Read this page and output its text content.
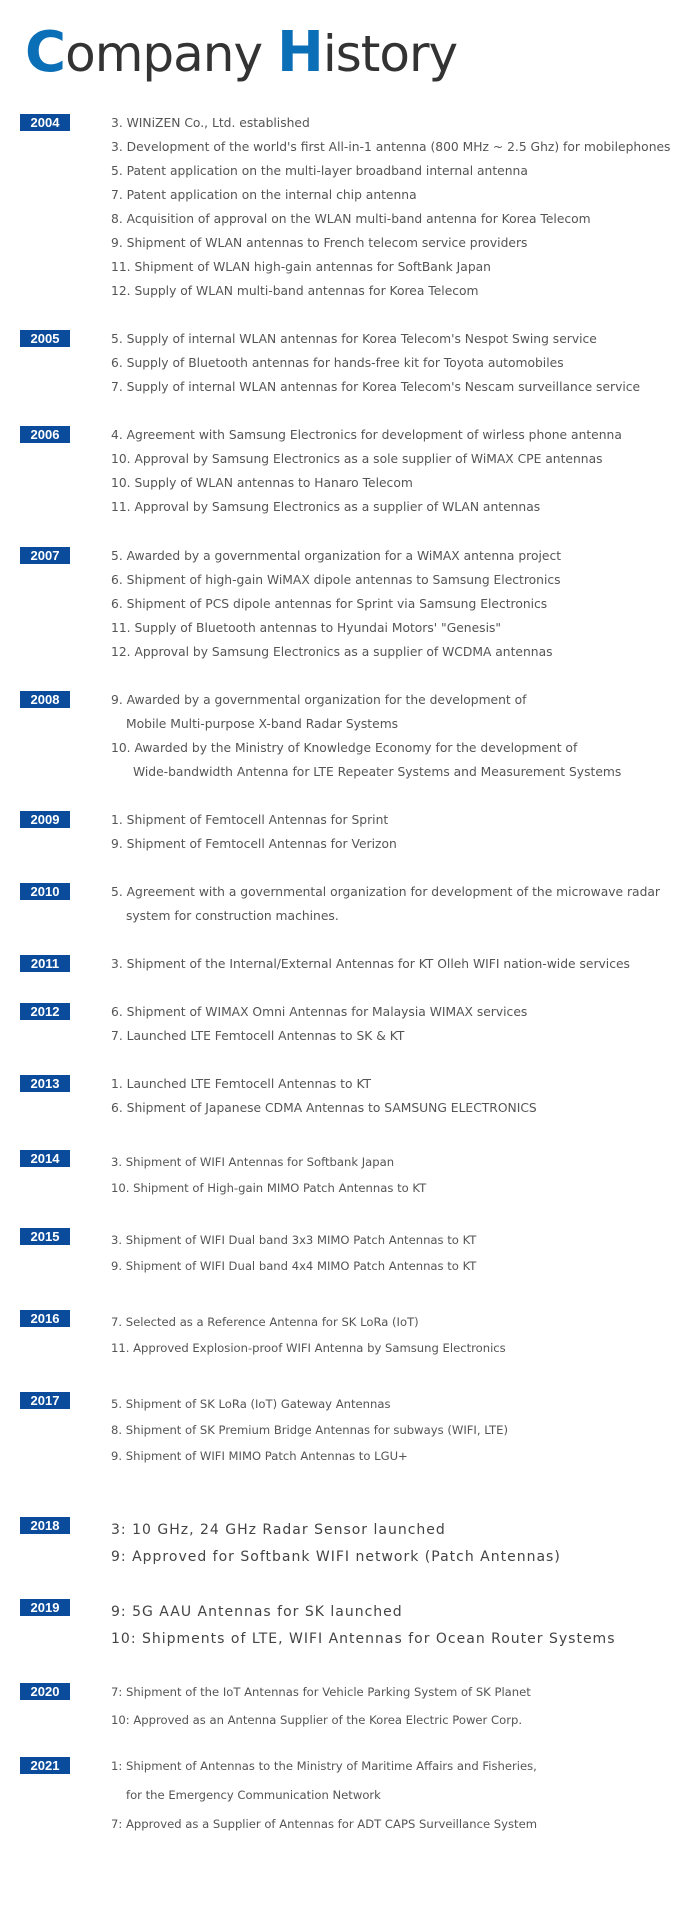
Company History
2004	3. WINiZEN Co., Ltd. established
3. Development of the world's first All-in-1 antenna (800 MHz ~ 2.5 Ghz) for mobilephones
5. Patent application on the multi-layer broadband internal antenna
7. Patent application on the internal chip antenna
8. Acquisition of approval on the WLAN multi-band antenna for Korea Telecom
9. Shipment of WLAN antennas to French telecom service providers
11. Shipment of WLAN high-gain antennas for SoftBank Japan
12. Supply of WLAN multi-band antennas for Korea Telecom
2005	5. Supply of internal WLAN antennas for Korea Telecom's Nespot Swing service
6. Supply of Bluetooth antennas for hands-free kit for Toyota automobiles
7. Supply of internal WLAN antennas for Korea Telecom's Nescam surveillance service
2006	4. Agreement with Samsung Electronics for development of wirless phone antenna
10. Approval by Samsung Electronics as a sole supplier of WiMAX CPE antennas
10. Supply of WLAN antennas to Hanaro Telecom
11. Approval by Samsung Electronics as a supplier of WLAN antennas
2007	5. Awarded by a governmental organization for a WiMAX antenna project
6. Shipment of high-gain WiMAX dipole antennas to Samsung Electronics
6. Shipment of PCS dipole antennas for Sprint via Samsung Electronics
11. Supply of Bluetooth antennas to Hyundai Motors' "Genesis"
12. Approval by Samsung Electronics as a supplier of WCDMA antennas
2008	9. Awarded by a governmental organization for the development of
Mobile Multi-purpose X-band Radar Systems
10. Awarded by the Ministry of Knowledge Economy for the development of
Wide-bandwidth Antenna for LTE Repeater Systems and Measurement Systems
2009	1. Shipment of Femtocell Antennas for Sprint
9. Shipment of Femtocell Antennas for Verizon
2010	5. Agreement with a governmental organization for development of the microwave radar
system for construction machines.
2011	3. Shipment of the Internal/External Antennas for KT Olleh WIFI nation-wide services
2012	6. Shipment of WIMAX Omni Antennas for Malaysia WIMAX services
7. Launched LTE Femtocell Antennas to SK & KT
2013	1. Launched LTE Femtocell Antennas to KT
6. Shipment of Japanese CDMA Antennas to SAMSUNG ELECTRONICS
2014	3. Shipment of WIFI Antennas for Softbank Japan
10. Shipment of High-gain MIMO Patch Antennas to KT
2015	3. Shipment of WIFI Dual band 3x3 MIMO Patch Antennas to KT
9. Shipment of WIFI Dual band 4x4 MIMO Patch Antennas to KT
2016	7. Selected as a Reference Antenna for SK LoRa (IoT)
11. Approved Explosion-proof WIFI Antenna by Samsung Electronics
2017	5. Shipment of SK LoRa (IoT) Gateway Antennas
8. Shipment of SK Premium Bridge Antennas for subways (WIFI, LTE)
9. Shipment of WIFI MIMO Patch Antennas to LGU+
2018	3: 10 GHz, 24 GHz Radar Sensor launched
9: Approved for Softbank WIFI network (Patch Antennas)
2019	9: 5G AAU Antennas for SK launched
10: Shipments of LTE, WIFI Antennas for Ocean Router Systems
2020	7: Shipment of the IoT Antennas for Vehicle Parking System of SK Planet
10: Approved as an Antenna Supplier of the Korea Electric Power Corp.
2021	1: Shipment of Antennas to the Ministry of Maritime Affairs and Fisheries,
for the Emergency Communication Network
7: Approved as a Supplier of Antennas for ADT CAPS Surveillance System
